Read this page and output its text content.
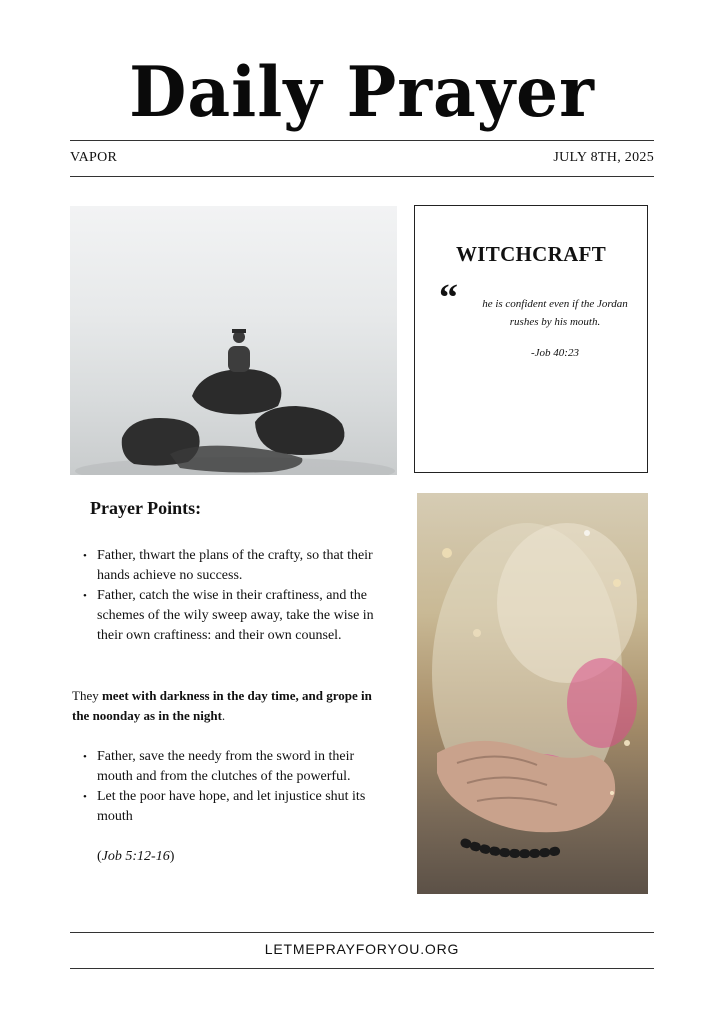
Daily Prayer
VAPOR	JULY 8TH, 2025
WITCHCRAFT
“	he is confident even if the Jordan rushes by his mouth.
-Job 40:23
Prayer Points:
• Father, thwart the plans of the crafty, so that their hands achieve no success.
• Father, catch the wise in their craftiness, and the schemes of the wily sweep away, take the wise in their own craftiness: and their own counsel.
They meet with darkness in the day time, and grope in the noonday as in the night.
• Father, save the needy from the sword in their mouth and from the clutches of the powerful.
• Let the poor have hope, and let injustice shut its mouth
(Job 5:12-16)
LETMEPRAYFORYOU.ORG
